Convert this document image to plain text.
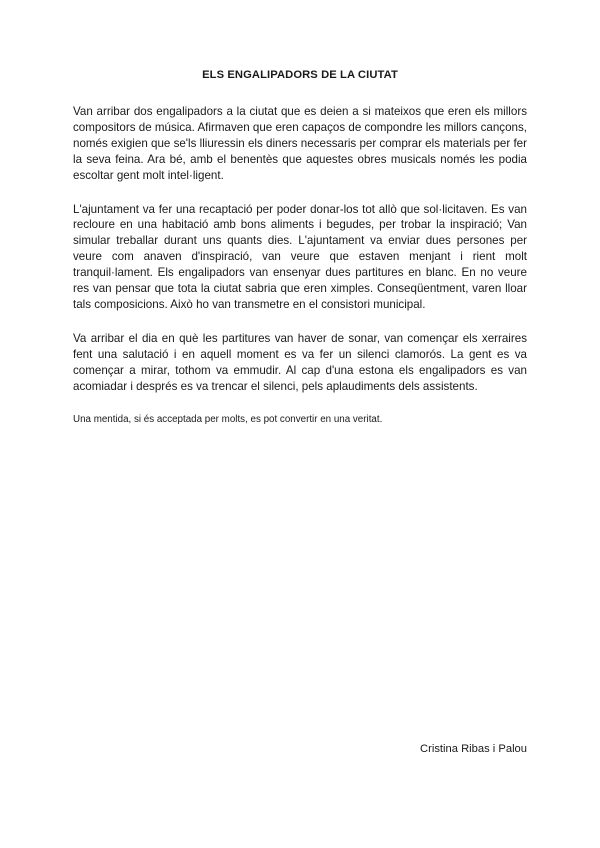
ELS ENGALIPADORS DE LA CIUTAT

Van arribar dos engalipadors a la ciutat que es deien a si mateixos que eren els millors compositors de música. Afirmaven que eren capaços de compondre les millors cançons, només exigien que se'ls lliuressin els diners necessaris per comprar els materials per fer la seva feina. Ara bé, amb el benentès que aquestes obres musicals només les podia escoltar gent molt intel·ligent.

L'ajuntament va fer una recaptació per poder donar-los tot allò que sol·licitaven. Es van recloure en una habitació amb bons aliments i begudes, per trobar la inspiració; Van simular treballar durant uns quants dies. L'ajuntament va enviar dues persones per veure com anaven d'inspiració, van veure que estaven menjant i rient molt tranquil·lament. Els engalipadors van ensenyar dues partitures en blanc. En no veure res van pensar que tota la ciutat sabria que eren ximples. Conseqüentment, varen lloar tals composicions. Això ho van transmetre en el consistori municipal.

Va arribar el dia en què les partitures van haver de sonar, van començar els xerraires fent una salutació i en aquell moment es va fer un silenci clamorós. La gent es va començar a mirar, tothom va emmudir. Al cap d'una estona els engalipadors es van acomiadar i després es va trencar el silenci, pels aplaudiments dels assistents.

Una mentida, si és acceptada per molts, es pot convertir en una veritat.

Cristina Ribas i Palou
